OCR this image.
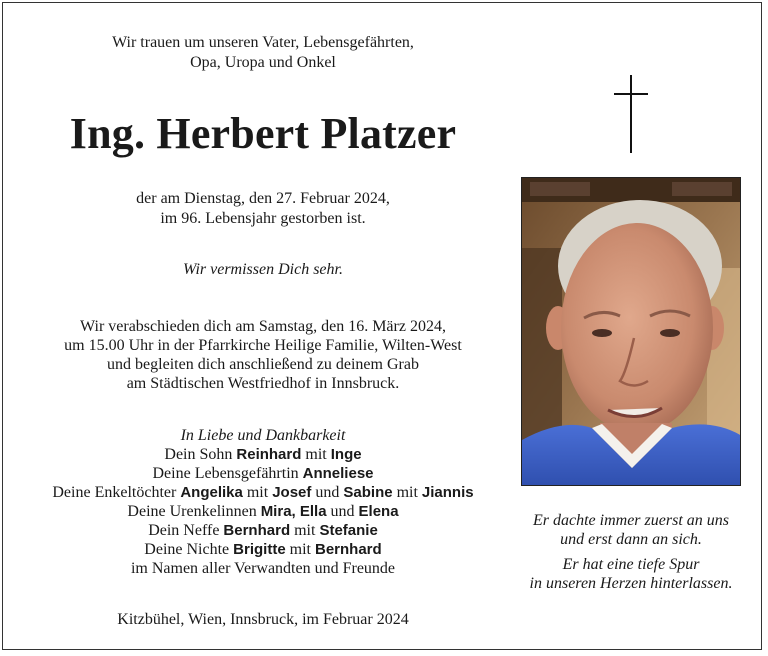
Wir trauen um unseren Vater, Lebensgefährten,
Opa, Uropa und Onkel
Ing. Herbert Platzer
der am Dienstag, den 27. Februar 2024,
im 96. Lebensjahr gestorben ist.
Wir vermissen Dich sehr.
Wir verabschieden dich am Samstag, den 16. März 2024,
um 15.00 Uhr in der Pfarrkirche Heilige Familie, Wilten-West
und begleiten dich anschließend zu deinem Grab
am Städtischen Westfriedhof in Innsbruck.
In Liebe und Dankbarkeit
Dein Sohn Reinhard mit Inge
Deine Lebensgefährtin Anneliese
Deine Enkeltöchter Angelika mit Josef und Sabine mit Jiannis
Deine Urenkelinnen Mira, Ella und Elena
Dein Neffe Bernhard mit Stefanie
Deine Nichte Brigitte mit Bernhard
im Namen aller Verwandten und Freunde
Kitzbühel, Wien, Innsbruck, im Februar 2024
Er dachte immer zuerst an uns
und erst dann an sich.
Er hat eine tiefe Spur
in unseren Herzen hinterlassen.
